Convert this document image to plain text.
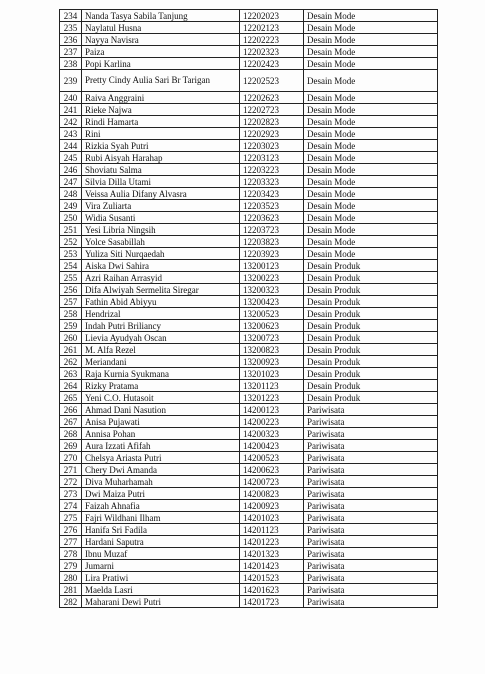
234	Nanda Tasya Sabila Tanjung	12202023	Desain Mode
235	Naylatul Husna	12202123	Desain Mode
236	Nayya Navisra	12202223	Desain Mode
237	Paiza	12202323	Desain Mode
238	Popi Karlina	12202423	Desain Mode
239	Pretty Cindy Aulia Sari Br Tarigan	12202523	Desain Mode
240	Raiva Anggraini	12202623	Desain Mode
241	Rieke Najwa	12202723	Desain Mode
242	Rindi Hamarta	12202823	Desain Mode
243	Rini	12202923	Desain Mode
244	Rizkia Syah Putri	12203023	Desain Mode
245	Rubi Aisyah Harahap	12203123	Desain Mode
246	Shoviatu Salma	12203223	Desain Mode
247	Silvia Dilla Utami	12203323	Desain Mode
248	Veissa Aulia Difany Alvasra	12203423	Desain Mode
249	Vira Zuliarta	12203523	Desain Mode
250	Widia Susanti	12203623	Desain Mode
251	Yesi Libria Ningsih	12203723	Desain Mode
252	Yolce Sasabillah	12203823	Desain Mode
253	Yuliza Siti Nurqaedah	12203923	Desain Mode
254	Aiska Dwi Sahira	13200123	Desain Produk
255	Azri Raihan Arrasyid	13200223	Desain Produk
256	Difa Alwiyah Sermelita Siregar	13200323	Desain Produk
257	Fathin Abid Abiyyu	13200423	Desain Produk
258	Hendrizal	13200523	Desain Produk
259	Indah Putri Briliancy	13200623	Desain Produk
260	Lievia Ayudyah Oscan	13200723	Desain Produk
261	M. Alfa Rezel	13200823	Desain Produk
262	Meriandani	13200923	Desain Produk
263	Raja Kurnia Syukmana	13201023	Desain Produk
264	Rizky Pratama	13201123	Desain Produk
265	Yeni C.O. Hutasoit	13201223	Desain Produk
266	Ahmad Dani Nasution	14200123	Pariwisata
267	Anisa Pujawati	14200223	Pariwisata
268	Annisa Pohan	14200323	Pariwisata
269	Aura Izzati Afifah	14200423	Pariwisata
270	Chelsya Ariasta Putri	14200523	Pariwisata
271	Chery Dwi Amanda	14200623	Pariwisata
272	Diva Muharhamah	14200723	Pariwisata
273	Dwi Maiza Putri	14200823	Pariwisata
274	Faizah Ahnafia	14200923	Pariwisata
275	Fajri Wildhani Ilham	14201023	Pariwisata
276	Hanifa Sri Fadila	14201123	Pariwisata
277	Hardani Saputra	14201223	Pariwisata
278	Ibnu Muzaf	14201323	Pariwisata
279	Jumarni	14201423	Pariwisata
280	Lira Pratiwi	14201523	Pariwisata
281	Maelda Lasri	14201623	Pariwisata
282	Maharani Dewi Putri	14201723	Pariwisata
